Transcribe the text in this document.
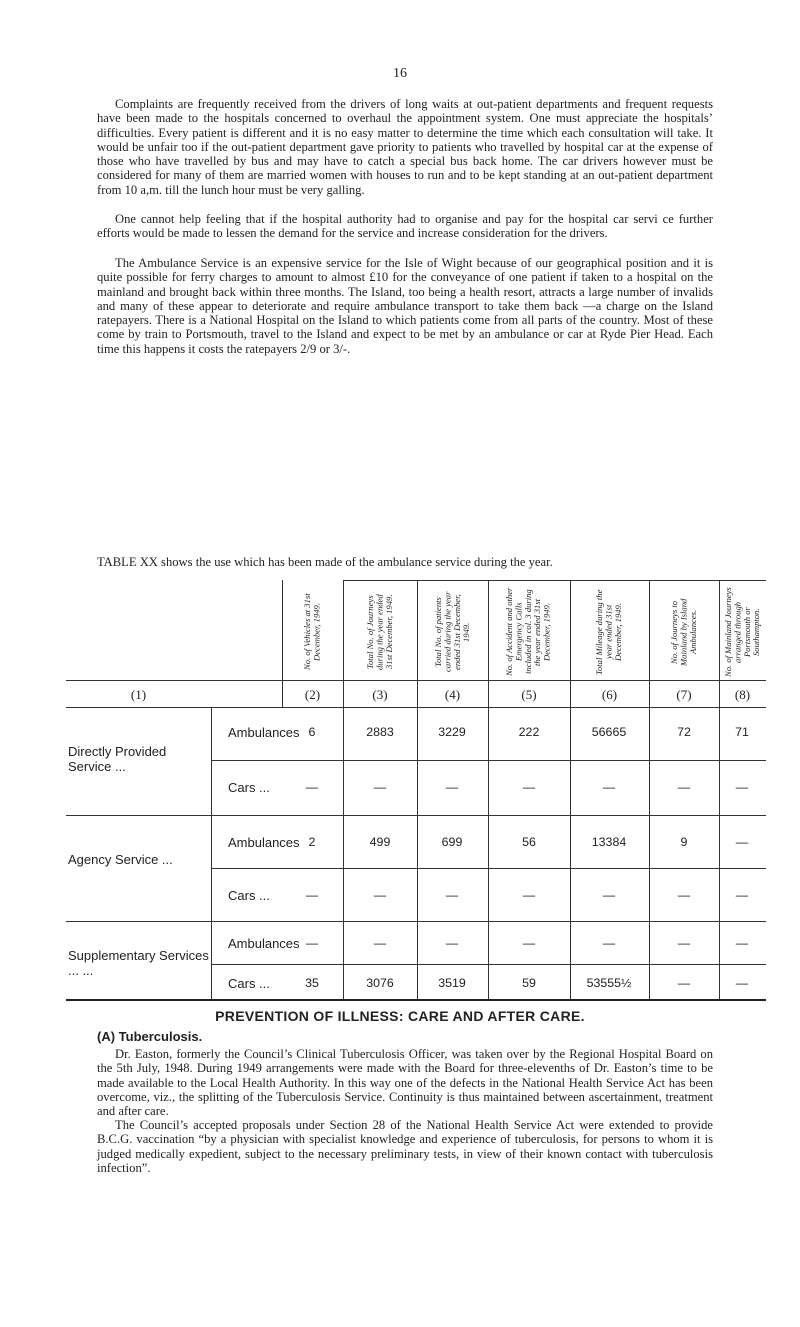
16

Complaints are frequently received from the drivers of long waits at out-patient departments and frequent requests have been made to the hospitals concerned to overhaul the appointment system. One must appreciate the hospitals’ difficulties. Every patient is different and it is no easy matter to determine the time which each consultation will take. It would be unfair too if the out-patient department gave priority to patients who travelled by hospital car at the expense of those who have travelled by bus and may have to catch a special bus back home. The car drivers however must be considered for many of them are married women with houses to run and to be kept standing at an out-patient department from 10 a,m. till the lunch hour must be very galling.

One cannot help feeling that if the hospital authority had to organise and pay for the hospital car servi ce further efforts would be made to lessen the demand for the service and increase consideration for the drivers.

The Ambulance Service is an expensive service for the Isle of Wight because of our geographical position and it is quite possible for ferry charges to amount to almost £10 for the conveyance of one patient if taken to a hospital on the mainland and brought back within three months. The Island, too being a health resort, attracts a large number of invalids and many of these appear to deteriorate and require ambulance transport to take them back —a charge on the Island ratepayers. There is a National Hospital on the Island to which patients come from all parts of the country. Most of these come by train to Portsmouth, travel to the Island and expect to be met by an ambulance or car at Ryde Pier Head. Each time this happens it costs the ratepayers 2/9 or 3/-.

TABLE XX shows the use which has been made of the ambulance service during the year.
No. of Vehicles at 31st December, 1949.	Total No. of Journeys during the year ended 31st December, 1949.	Total No. of patients carried during the year ended 31st December, 1949.	No. of Accident and other Emergency Calls included in col. 3 during the year ended 31st December, 1949.	Total Mileage during the year ended 31st December, 1949.	No. of Journeys to Mainland by Island Ambulances.	No. of Mainland Journeys arranged through Portsmouth or Southampton.
(1)	(2)	(3)	(4)	(5)	(6)	(7)	(8)
Directly Provided Service ...
Ambulances 6	2883	3229	222	56665	72	71
Cars ...	—	—	—	—	—	—	—
Agency Service ...
Ambulances 2	499	699	56	13384	9	—
Cars ...	—	—	—	—	—	—	—
Supplementary Services ... ...
Ambulances —	—	—	—	—	—	—
Cars ...	35	3076	3519	59	53555½	—	—
PREVENTION OF ILLNESS: CARE AND AFTER CARE.
(A) Tuberculosis.

Dr. Easton, formerly the Council’s Clinical Tuberculosis Officer, was taken over by the Regional Hospital Board on the 5th July, 1948. During 1949 arrangements were made with the Board for three-elevenths of Dr. Easton’s time to be made available to the Local Health Authority. In this way one of the defects in the National Health Service Act has been overcome, viz., the splitting of the Tuberculosis Service. Continuity is thus maintained between ascertainment, treatment and after care.

The Council’s accepted proposals under Section 28 of the National Health Service Act were extended to provide B.C.G. vaccination “by a physician with specialist knowledge and experience of tuberculosis, for persons to whom it is judged medically expedient, subject to the necessary preliminary tests, in view of their known contact with tuberculosis infection”.
